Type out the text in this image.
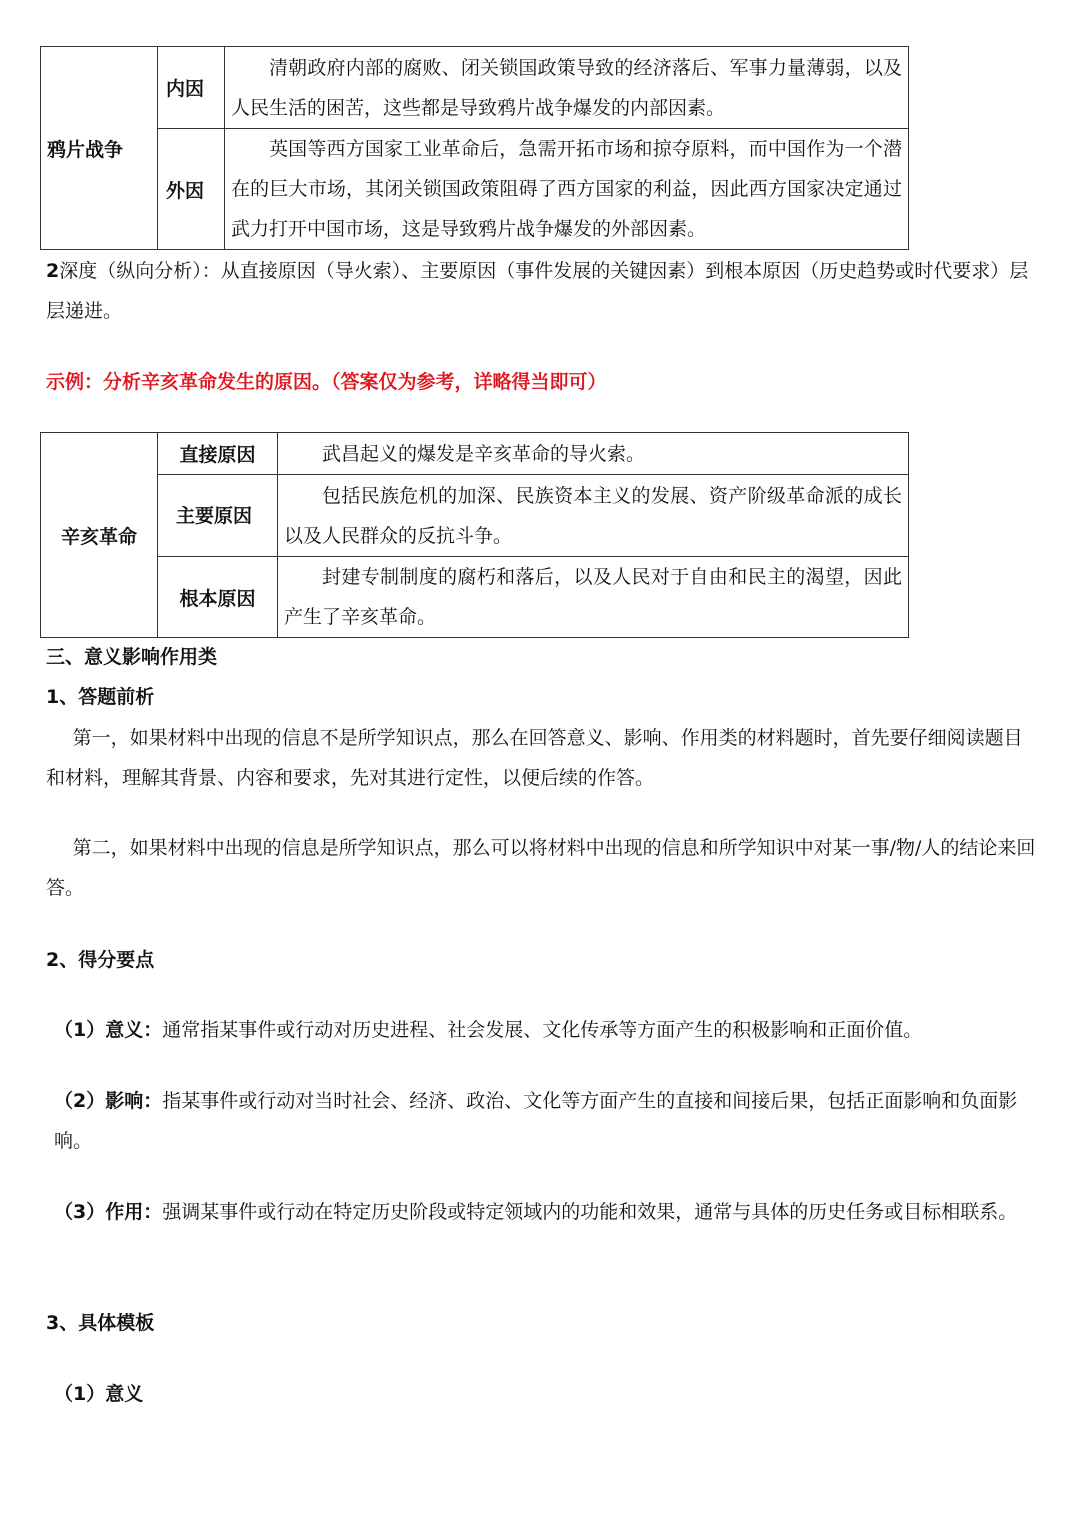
鸦片战争	内因	清朝政府内部的腐败、闭关锁国政策导致的经济落后、军事力量薄弱，以及人民生活的困苦，这些都是导致鸦片战争爆发的内部因素。
	外因	英国等西方国家工业革命后，急需开拓市场和掠夺原料，而中国作为一个潜在的巨大市场，其闭关锁国政策阻碍了西方国家的利益，因此西方国家决定通过武力打开中国市场，这是导致鸦片战争爆发的外部因素。
2深度（纵向分析）：从直接原因（导火索）、主要原因（事件发展的关键因素）到根本原因（历史趋势或时代要求）层层递进。
示例：分析辛亥革命发生的原因。（答案仅为参考，详略得当即可）
辛亥革命	直接原因	武昌起义的爆发是辛亥革命的导火索。
	主要原因	包括民族危机的加深、民族资本主义的发展、资产阶级革命派的成长以及人民群众的反抗斗争。
	根本原因	封建专制制度的腐朽和落后，以及人民对于自由和民主的渴望，因此产生了辛亥革命。
三、意义影响作用类
1、答题前析
第一，如果材料中出现的信息不是所学知识点，那么在回答意义、影响、作用类的材料题时，首先要仔细阅读题目和材料，理解其背景、内容和要求，先对其进行定性，以便后续的作答。
第二，如果材料中出现的信息是所学知识点，那么可以将材料中出现的信息和所学知识中对某一事/物/人的结论来回答。
2、得分要点
（1）意义：通常指某事件或行动对历史进程、社会发展、文化传承等方面产生的积极影响和正面价值。
（2）影响：指某事件或行动对当时社会、经济、政治、文化等方面产生的直接和间接后果，包括正面影响和负面影响。
（3）作用：强调某事件或行动在特定历史阶段或特定领域内的功能和效果，通常与具体的历史任务或目标相联系。
3、具体模板
（1）意义
